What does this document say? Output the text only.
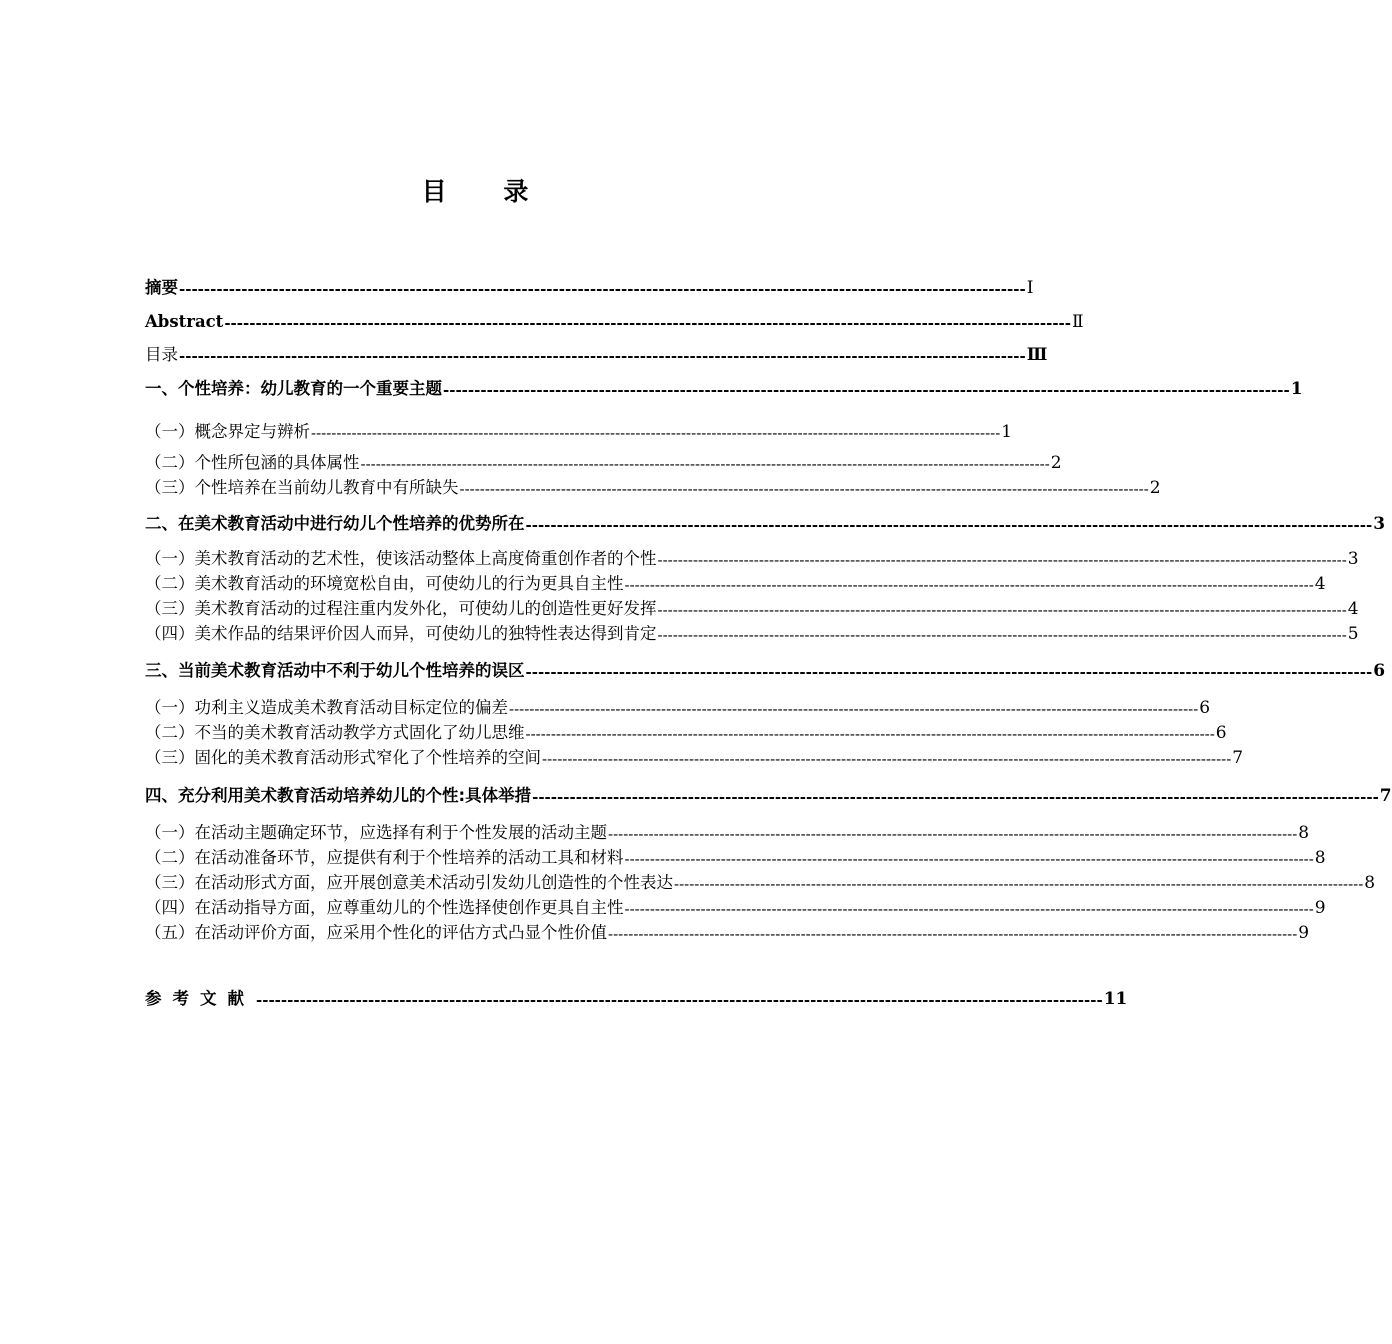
目 录
摘要 ---------------------------------------------------------------------------------------------------------------------------------------- Ⅰ
Abstract ---------------------------------------------------------------------------------------------------------------------------------------- Ⅱ
目录 ---------------------------------------------------------------------------------------------------------------------------------------- Ⅲ
一、个性培养：幼儿教育的一个重要主题 ---------------------------------------------------------------------------------------------------------------------------------------- 1
（一）概念界定与辨析 ---------------------------------------------------------------------------------------------------------------------------------------- 1
（二）个性所包涵的具体属性 ---------------------------------------------------------------------------------------------------------------------------------------- 2
（三）个性培养在当前幼儿教育中有所缺失 ---------------------------------------------------------------------------------------------------------------------------------------- 2
二、在美术教育活动中进行幼儿个性培养的优势所在 ---------------------------------------------------------------------------------------------------------------------------------------- 3
（一）美术教育活动的艺术性，使该活动整体上高度倚重创作者的个性 ---------------------------------------------------------------------------------------------------------------------------------------- 3
（二）美术教育活动的环境宽松自由，可使幼儿的行为更具自主性 ---------------------------------------------------------------------------------------------------------------------------------------- 4
（三）美术教育活动的过程注重内发外化，可使幼儿的创造性更好发挥 ---------------------------------------------------------------------------------------------------------------------------------------- 4
（四）美术作品的结果评价因人而异，可使幼儿的独特性表达得到肯定 ---------------------------------------------------------------------------------------------------------------------------------------- 5
三、当前美术教育活动中不利于幼儿个性培养的误区 ---------------------------------------------------------------------------------------------------------------------------------------- 6
（一）功利主义造成美术教育活动目标定位的偏差 ---------------------------------------------------------------------------------------------------------------------------------------- 6
（二）不当的美术教育活动教学方式固化了幼儿思维 ---------------------------------------------------------------------------------------------------------------------------------------- 6
（三）固化的美术教育活动形式窄化了个性培养的空间 ---------------------------------------------------------------------------------------------------------------------------------------- 7
四、充分利用美术教育活动培养幼儿的个性:具体举措 ---------------------------------------------------------------------------------------------------------------------------------------- 7
（一）在活动主题确定环节，应选择有利于个性发展的活动主题 ---------------------------------------------------------------------------------------------------------------------------------------- 8
（二）在活动准备环节，应提供有利于个性培养的活动工具和材料 ---------------------------------------------------------------------------------------------------------------------------------------- 8
（三）在活动形式方面，应开展创意美术活动引发幼儿创造性的个性表达 ---------------------------------------------------------------------------------------------------------------------------------------- 8
（四）在活动指导方面，应尊重幼儿的个性选择使创作更具自主性 ---------------------------------------------------------------------------------------------------------------------------------------- 9
（五）在活动评价方面，应采用个性化的评估方式凸显个性价值 ---------------------------------------------------------------------------------------------------------------------------------------- 9
参考文献 ---------------------------------------------------------------------------------------------------------------------------------------- 11
